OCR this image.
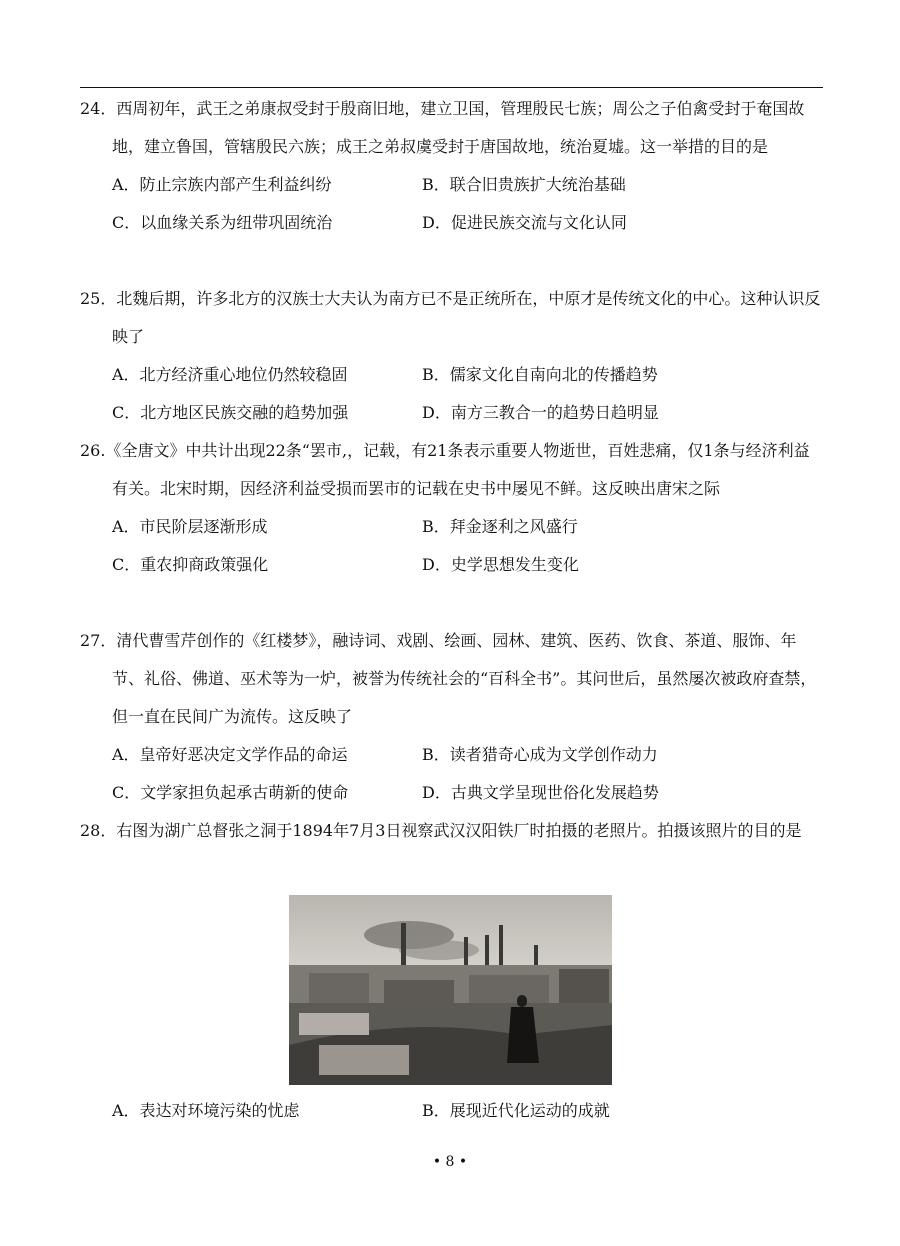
24．西周初年，武王之弟康叔受封于殷商旧地，建立卫国，管理殷民七族；周公之子伯禽受封于奄国故地，建立鲁国，管辖殷民六族；成王之弟叔虞受封于唐国故地，统治夏墟。这一举措的目的是

A．防止宗族内部产生利益纠纷	B．联合旧贵族扩大统治基础
C．以血缘关系为纽带巩固统治	D．促进民族交流与文化认同

25．北魏后期，许多北方的汉族士大夫认为南方已不是正统所在，中原才是传统文化的中心。这种认识反映了

A．北方经济重心地位仍然较稳固	B．儒家文化自南向北的传播趋势
C．北方地区民族交融的趋势加强	D．南方三教合一的趋势日趋明显

26.《全唐文》中共计出现22条“罢市,，记载，有21条表示重要人物逝世，百姓悲痛，仅1条与经济利益有关。北宋时期，因经济利益受损而罢市的记载在史书中屡见不鲜。这反映出唐宋之际

A．市民阶层逐渐形成	B．拜金逐利之风盛行
C．重农抑商政策强化	D．史学思想发生变化

27．清代曹雪芹创作的《红楼梦》，融诗词、戏剧、绘画、园林、建筑、医药、饮食、茶道、服饰、年节、礼俗、佛道、巫术等为一炉，被誉为传统社会的“百科全书”。其问世后，虽然屡次被政府查禁，但一直在民间广为流传。这反映了

A．皇帝好恶决定文学作品的命运	B．读者猎奇心成为文学创作动力
C．文学家担负起承古萌新的使命	D．古典文学呈现世俗化发展趋势

28．右图为湖广总督张之洞于1894年7月3日视察武汉汉阳铁厂时拍摄的老照片。拍摄该照片的目的是

A．表达对环境污染的忧虑	B．展现近代化运动的成就
• 8 •
